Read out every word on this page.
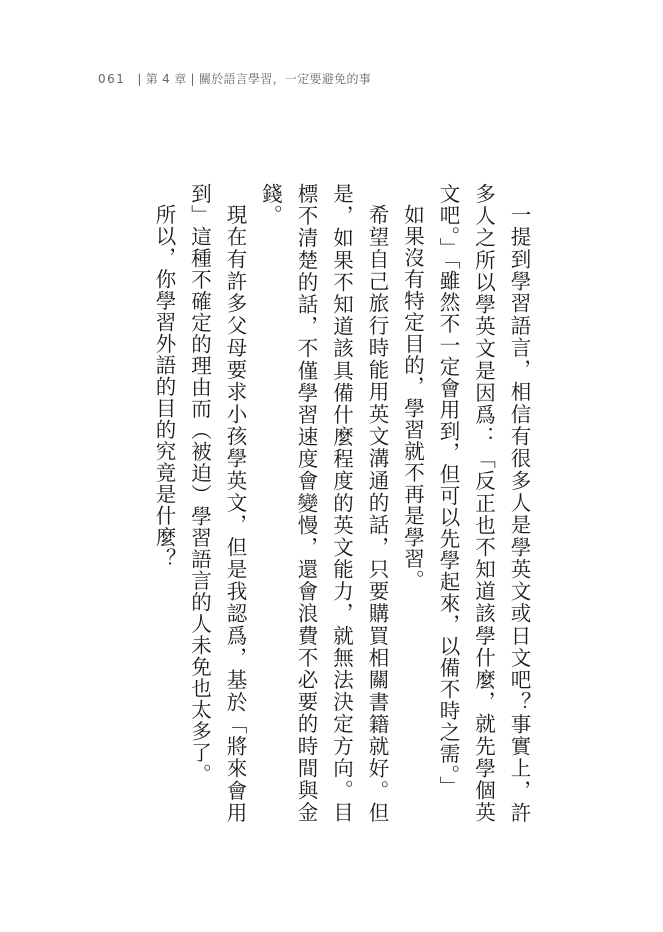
061 | 第 4 章 | 關於語言學習，一定要避免的事

一提到學習語言，相信有很多人是學英文或日文吧？事實上，許多人之所以學英文是因爲：「反正也不知道該學什麼，就先學個英文吧。」「雖然不一定會用到，但可以先學起來，以備不時之需。」

如果沒有特定目的，學習就不再是學習。

希望自己旅行時能用英文溝通的話，只要購買相關書籍就好。但是，如果不知道該具備什麼程度的英文能力，就無法決定方向。目標不清楚的話，不僅學習速度會變慢，還會浪費不必要的時間與金錢。

現在有許多父母要求小孩學英文，但是我認爲，基於「將來會用到」這種不確定的理由而（被迫）學習語言的人未免也太多了。

所以，你學習外語的目的究竟是什麼？
